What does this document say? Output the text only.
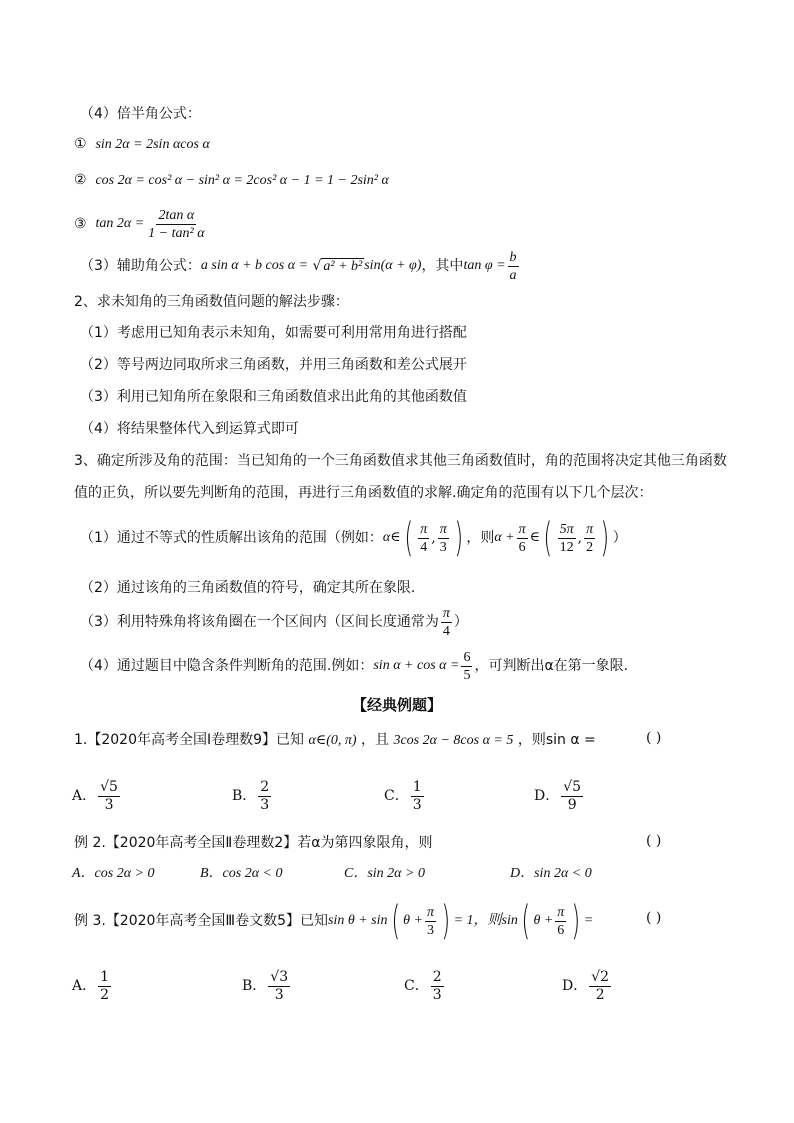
（4）倍半角公式：
① sin 2α = 2sin αcos α
② cos 2α = cos² α − sin² α = 2cos² α − 1 = 1 − 2sin² α
③
$\tan 2\alpha = \frac{\text{2tan α}}{\text{1 − tan² α}}$
（3）辅助角公式： a sin α + b cos α =
√ a² + b² sin(α + φ) ，其中 $\tan \varphi = \frac{b}{a}$
2、求未知角的三角函数值问题的解法步骤：
（1）考虑用已知角表示未知角，如需要可利用常用角进行搭配
（2）等号两边同取所求三角函数，并用三角函数和差公式展开
（3）利用已知角所在象限和三角函数值求出此角的其他函数值
（4）将结果整体代入到运算式即可
3、确定所涉及角的范围：当已知角的一个三角函数值求其他三角函数值时，角的范围将决定其他三角函数
值的正负，所以要先判断角的范围，再进行三角函数值的求解.确定角的范围有以下几个层次：
（1）通过不等式的性质解出该角的范围（例如： α∈ ( $\frac{\pi}{4}$ , $\frac{\pi}{3}$ ) ，则 $\alpha + \frac{\pi}{6}$ ∈ ( $\frac{5\pi}{12}$ , $\frac{\pi}{2}$ ) ）
（2）通过该角的三角函数值的符号，确定其所在象限.
（3）利用特殊角将该角圈在一个区间内（区间长度通常为 $\frac{\pi}{4}$ ）
（4）通过题目中隐含条件判断角的范围.例如： $\sin \alpha + \cos \alpha = \frac{6}{5}$ ，可判断出α在第一象限.
【经典例题】
1.【2020年高考全国Ⅰ卷理数9】已知 α∈(0, π) ，且 3cos 2α − 8cos α = 5 ，则sin α =	( )
A． $\frac{√5}{3}$	B． $\frac{2}{3}$	C． $\frac{1}{3}$	D． $\frac{√5}{9}$
例 2.【2020年高考全国Ⅱ卷理数2】若α为第四象限角，则	( )
A．cos 2α > 0	B．cos 2α < 0	C．sin 2α > 0	D．sin 2α < 0
例 3.【2020年高考全国Ⅲ卷文数5】已知 sin θ + sin ( $\theta + \frac{\pi}{3}$ ) = 1，则 sin ( $\theta + \frac{\pi}{6}$ ) =	( )
A． $\frac{1}{2}$	B． $\frac{√3}{3}$	C． $\frac{2}{3}$	D． $\frac{√2}{2}$
